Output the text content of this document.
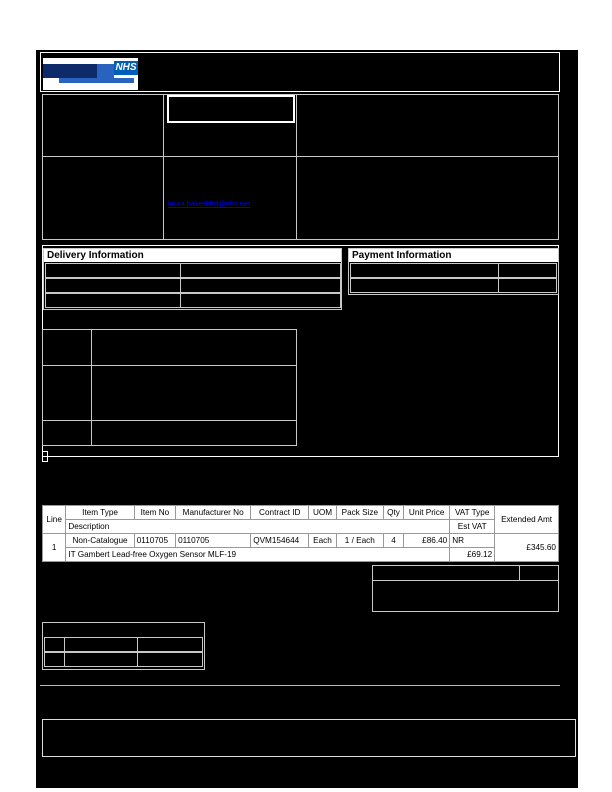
NHS
laura.bakerbird@nhs.net
Delivery Information	Payment Information
Line	Item Type	Item No	Manufacturer No	Contract ID	UOM	Pack Size	Qty	Unit Price	VAT Type	Extended Amt
	Description								Est VAT	
1	Non-Catalogue	0110705	0110705	QVM154644	Each	1 / Each	4	£86.40	NR	£345.60
	IT Gambert Lead-free Oxygen Sensor MLF-19								£69.12	
